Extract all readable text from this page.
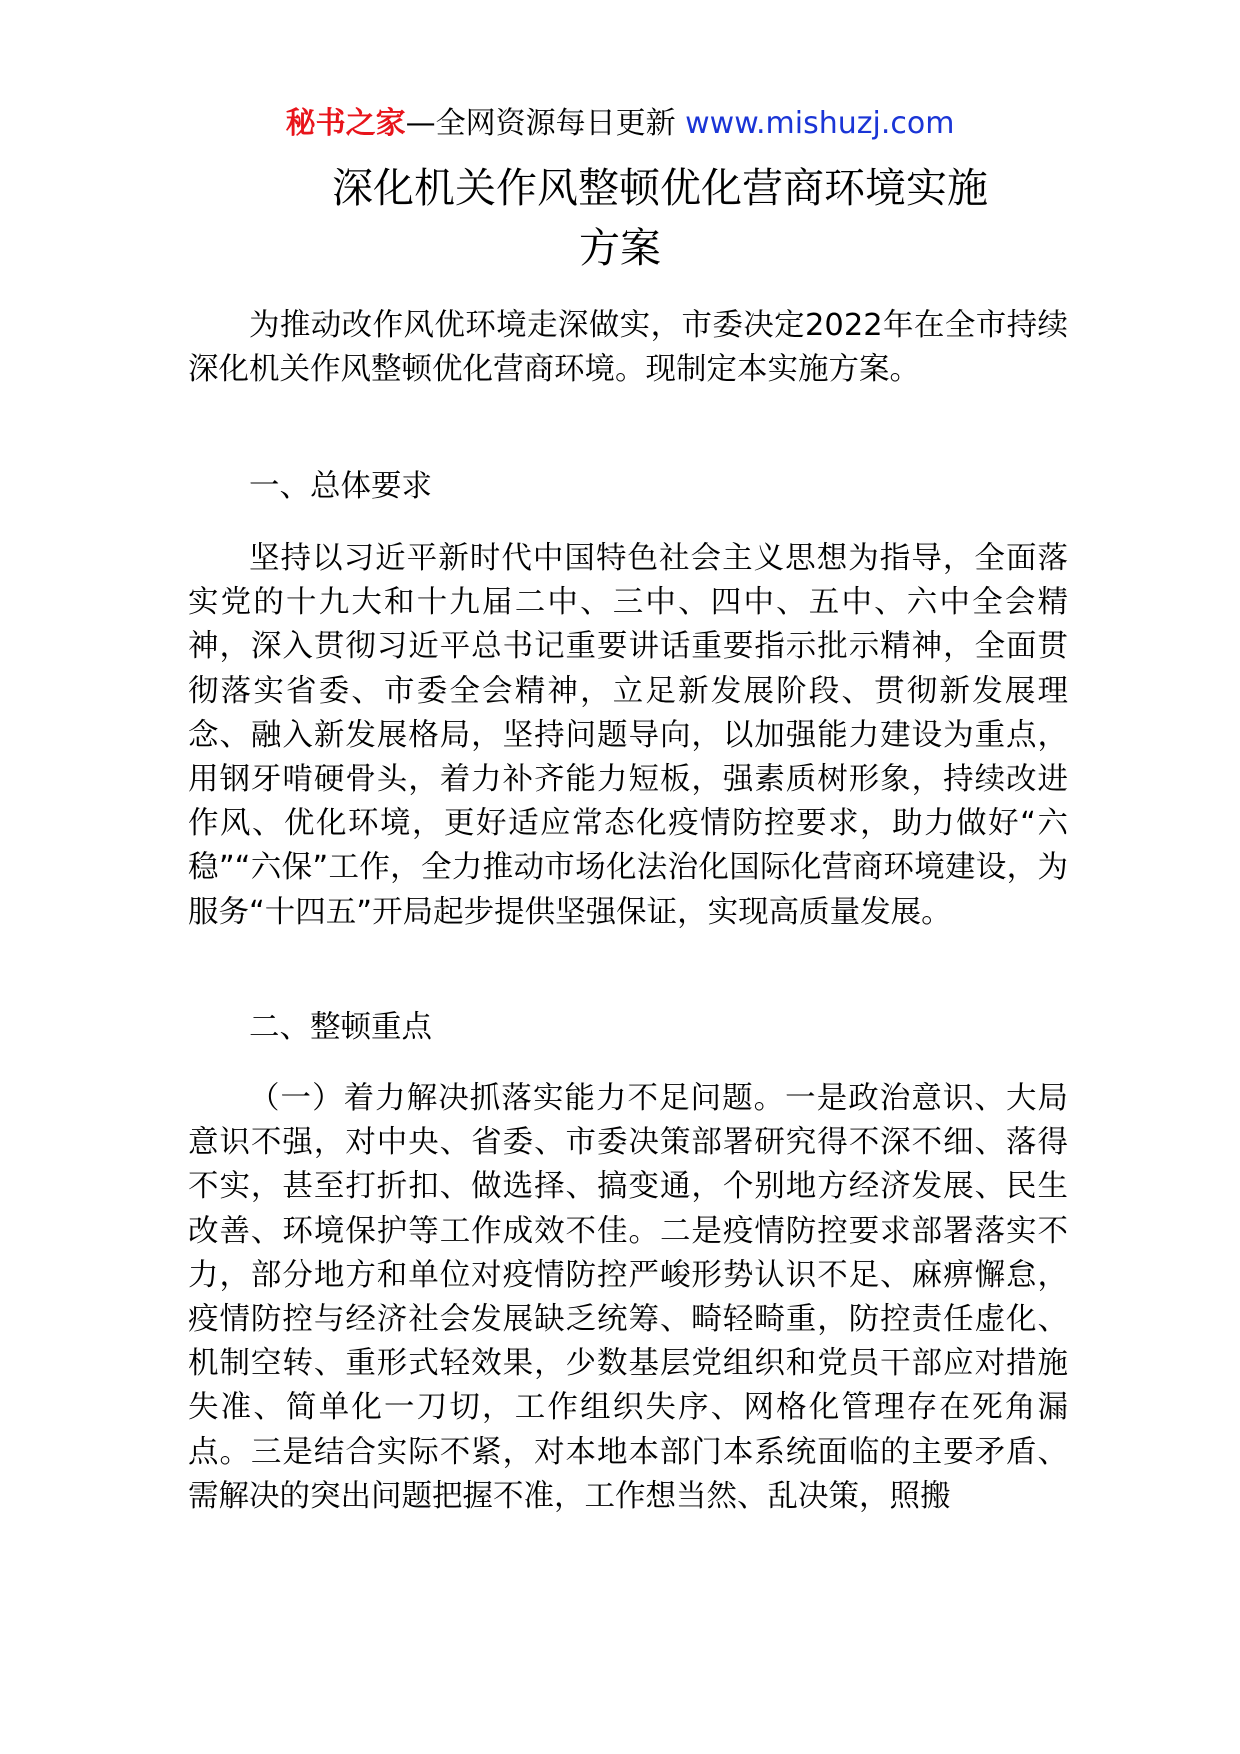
秘书之家—全网资源每日更新 www.mishuzj.com
深化机关作风整顿优化营商环境实施
方案

为推动改作风优环境走深做实，市委决定2022年在全市持续深化机关作风整顿优化营商环境。现制定本实施方案。

一、总体要求

坚持以习近平新时代中国特色社会主义思想为指导，全面落实党的十九大和十九届二中、三中、四中、五中、六中全会精神，深入贯彻习近平总书记重要讲话重要指示批示精神，全面贯彻落实省委、市委全会精神，立足新发展阶段、贯彻新发展理念、融入新发展格局，坚持问题导向，以加强能力建设为重点，用钢牙啃硬骨头，着力补齐能力短板，强素质树形象，持续改进作风、优化环境，更好适应常态化疫情防控要求，助力做好“六稳”“六保”工作，全力推动市场化法治化国际化营商环境建设，为服务“十四五”开局起步提供坚强保证，实现高质量发展。

二、整顿重点

（一）着力解决抓落实能力不足问题。一是政治意识、大局意识不强，对中央、省委、市委决策部署研究得不深不细、落得不实，甚至打折扣、做选择、搞变通，个别地方经济发展、民生改善、环境保护等工作成效不佳。二是疫情防控要求部署落实不力，部分地方和单位对疫情防控严峻形势认识不足、麻痹懈怠，疫情防控与经济社会发展缺乏统筹、畸轻畸重，防控责任虚化、机制空转、重形式轻效果，少数基层党组织和党员干部应对措施失准、简单化一刀切，工作组织失序、网格化管理存在死角漏点。三是结合实际不紧，对本地本部门本系统面临的主要矛盾、需解决的突出问题把握不准，工作想当然、乱决策，照搬
